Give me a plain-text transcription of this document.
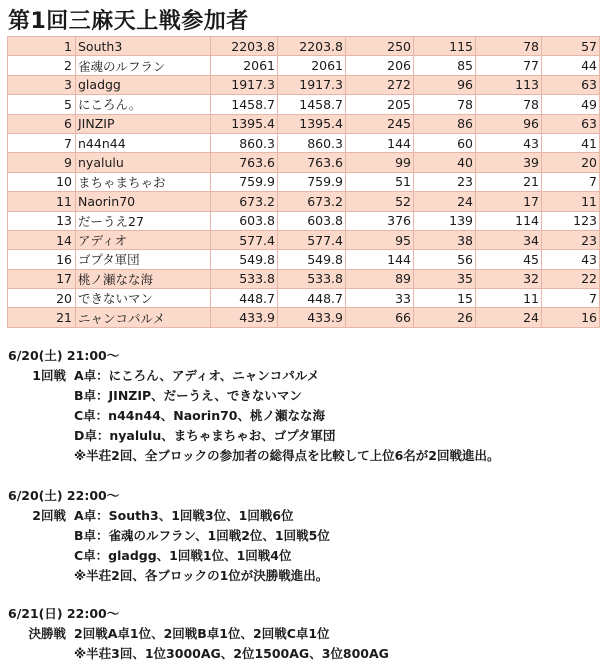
第1回三麻天上戦参加者
1	South3	2203.8	2203.8	250	115	78	57
2	雀魂のルフラン	2061	2061	206	85	77	44
3	gladgg	1917.3	1917.3	272	96	113	63
5	にころん。	1458.7	1458.7	205	78	78	49
6	JINZIP	1395.4	1395.4	245	86	96	63
7	n44n44	860.3	860.3	144	60	43	41
9	nyalulu	763.6	763.6	99	40	39	20
10	まちゃまちゃお	759.9	759.9	51	23	21	7
11	Naorin70	673.2	673.2	52	24	17	11
13	だーうえ27	603.8	603.8	376	139	114	123
14	アディオ	577.4	577.4	95	38	34	23
16	ゴプタ軍団	549.8	549.8	144	56	45	43
17	桃ノ瀬なな海	533.8	533.8	89	35	32	22
20	できないマン	448.7	448.7	33	15	11	7
21	ニャンコパルメ	433.9	433.9	66	26	24	16
6/20(土) 21:00～
1回戦 A卓：にころん、アディオ、ニャンコパルメ
B卓：JINZIP、だーうえ、できないマン
C卓：n44n44、Naorin70、桃ノ瀬なな海
D卓：nyalulu、まちゃまちゃお、ゴプタ軍団
※半荘2回、全ブロックの参加者の総得点を比較して上位6名が2回戦進出。
6/20(土) 22:00～
2回戦 A卓：South3、1回戦3位、1回戦6位
B卓：雀魂のルフラン、1回戦2位、1回戦5位
C卓：gladgg、1回戦1位、1回戦4位
※半荘2回、各ブロックの1位が決勝戦進出。
6/21(日) 22:00～
決勝戦 2回戦A卓1位、2回戦B卓1位、2回戦C卓1位
※半荘3回、1位3000AG、2位1500AG、3位800AG
